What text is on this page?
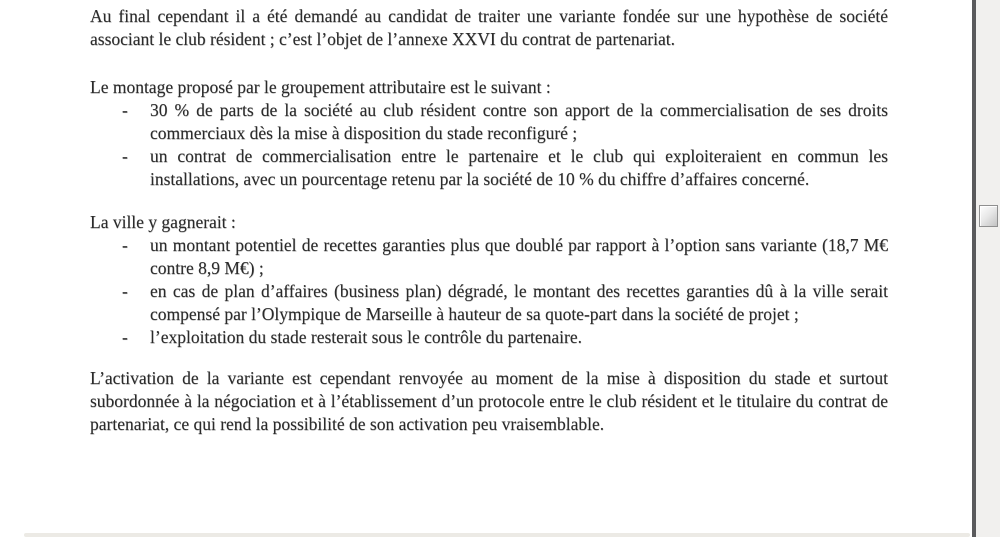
Au final cependant il a été demandé au candidat de traiter une variante fondée sur une hypothèse de société associant le club résident ; c’est l’objet de l’annexe XXVI du contrat de partenariat.

Le montage proposé par le groupement attributaire est le suivant :

-	30 % de parts de la société au club résident contre son apport de la commercialisation de ses droits commerciaux dès la mise à disposition du stade reconfiguré ;
-	un contrat de commercialisation entre le partenaire et le club qui exploiteraient en commun les installations, avec un pourcentage retenu par la société de 10 % du chiffre d’affaires concerné.

La ville y gagnerait :

-	un montant potentiel de recettes garanties plus que doublé par rapport à l’option sans variante (18,7 M€ contre 8,9 M€) ;
-	en cas de plan d’affaires (business plan) dégradé, le montant des recettes garanties dû à la ville serait compensé par l’Olympique de Marseille à hauteur de sa quote-part dans la société de projet ;
-	l’exploitation du stade resterait sous le contrôle du partenaire.

L’activation de la variante est cependant renvoyée au moment de la mise à disposition du stade et surtout subordonnée à la négociation et à l’établissement d’un protocole entre le club résident et le titulaire du contrat de partenariat, ce qui rend la possibilité de son activation peu vraisemblable.
